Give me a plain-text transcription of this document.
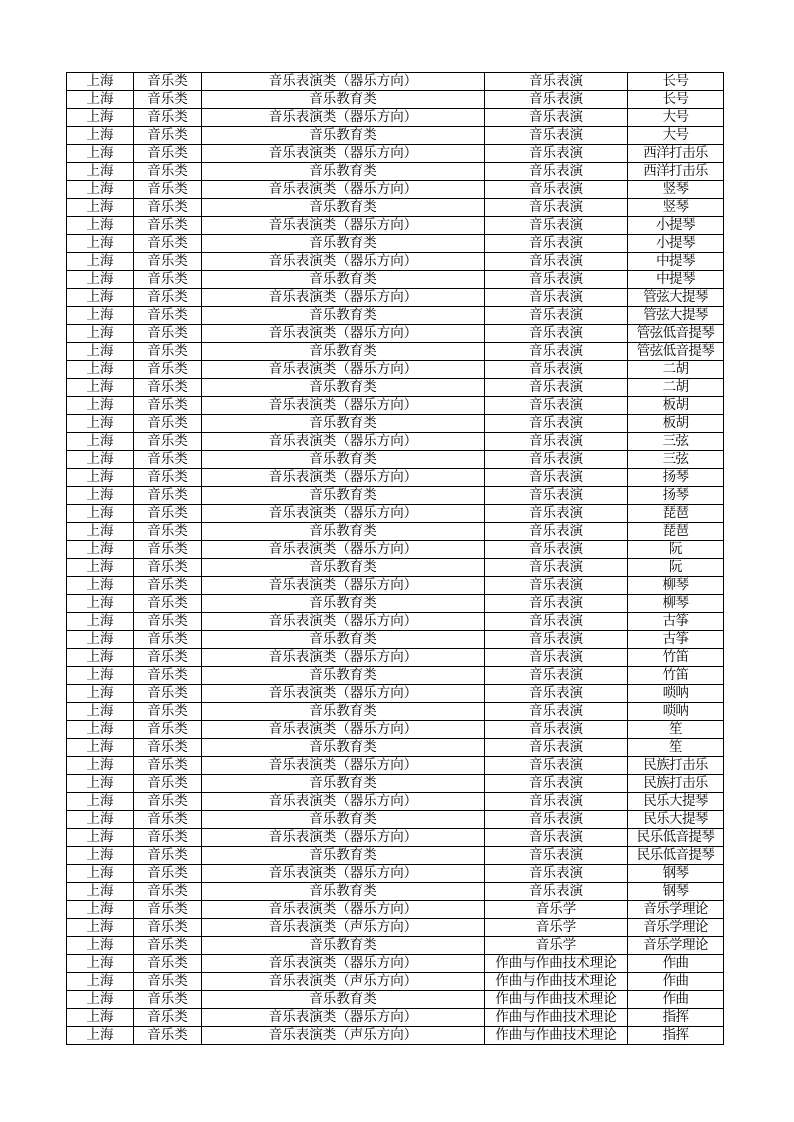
上海	音乐类	音乐表演类（器乐方向）	音乐表演	长号
上海	音乐类	音乐教育类	音乐表演	长号
上海	音乐类	音乐表演类（器乐方向）	音乐表演	大号
上海	音乐类	音乐教育类	音乐表演	大号
上海	音乐类	音乐表演类（器乐方向）	音乐表演	西洋打击乐
上海	音乐类	音乐教育类	音乐表演	西洋打击乐
上海	音乐类	音乐表演类（器乐方向）	音乐表演	竖琴
上海	音乐类	音乐教育类	音乐表演	竖琴
上海	音乐类	音乐表演类（器乐方向）	音乐表演	小提琴
上海	音乐类	音乐教育类	音乐表演	小提琴
上海	音乐类	音乐表演类（器乐方向）	音乐表演	中提琴
上海	音乐类	音乐教育类	音乐表演	中提琴
上海	音乐类	音乐表演类（器乐方向）	音乐表演	管弦大提琴
上海	音乐类	音乐教育类	音乐表演	管弦大提琴
上海	音乐类	音乐表演类（器乐方向）	音乐表演	管弦低音提琴
上海	音乐类	音乐教育类	音乐表演	管弦低音提琴
上海	音乐类	音乐表演类（器乐方向）	音乐表演	二胡
上海	音乐类	音乐教育类	音乐表演	二胡
上海	音乐类	音乐表演类（器乐方向）	音乐表演	板胡
上海	音乐类	音乐教育类	音乐表演	板胡
上海	音乐类	音乐表演类（器乐方向）	音乐表演	三弦
上海	音乐类	音乐教育类	音乐表演	三弦
上海	音乐类	音乐表演类（器乐方向）	音乐表演	扬琴
上海	音乐类	音乐教育类	音乐表演	扬琴
上海	音乐类	音乐表演类（器乐方向）	音乐表演	琵琶
上海	音乐类	音乐教育类	音乐表演	琵琶
上海	音乐类	音乐表演类（器乐方向）	音乐表演	阮
上海	音乐类	音乐教育类	音乐表演	阮
上海	音乐类	音乐表演类（器乐方向）	音乐表演	柳琴
上海	音乐类	音乐教育类	音乐表演	柳琴
上海	音乐类	音乐表演类（器乐方向）	音乐表演	古筝
上海	音乐类	音乐教育类	音乐表演	古筝
上海	音乐类	音乐表演类（器乐方向）	音乐表演	竹笛
上海	音乐类	音乐教育类	音乐表演	竹笛
上海	音乐类	音乐表演类（器乐方向）	音乐表演	唢呐
上海	音乐类	音乐教育类	音乐表演	唢呐
上海	音乐类	音乐表演类（器乐方向）	音乐表演	笙
上海	音乐类	音乐教育类	音乐表演	笙
上海	音乐类	音乐表演类（器乐方向）	音乐表演	民族打击乐
上海	音乐类	音乐教育类	音乐表演	民族打击乐
上海	音乐类	音乐表演类（器乐方向）	音乐表演	民乐大提琴
上海	音乐类	音乐教育类	音乐表演	民乐大提琴
上海	音乐类	音乐表演类（器乐方向）	音乐表演	民乐低音提琴
上海	音乐类	音乐教育类	音乐表演	民乐低音提琴
上海	音乐类	音乐表演类（器乐方向）	音乐表演	钢琴
上海	音乐类	音乐教育类	音乐表演	钢琴
上海	音乐类	音乐表演类（器乐方向）	音乐学	音乐学理论
上海	音乐类	音乐表演类（声乐方向）	音乐学	音乐学理论
上海	音乐类	音乐教育类	音乐学	音乐学理论
上海	音乐类	音乐表演类（器乐方向）	作曲与作曲技术理论	作曲
上海	音乐类	音乐表演类（声乐方向）	作曲与作曲技术理论	作曲
上海	音乐类	音乐教育类	作曲与作曲技术理论	作曲
上海	音乐类	音乐表演类（器乐方向）	作曲与作曲技术理论	指挥
上海	音乐类	音乐表演类（声乐方向）	作曲与作曲技术理论	指挥
